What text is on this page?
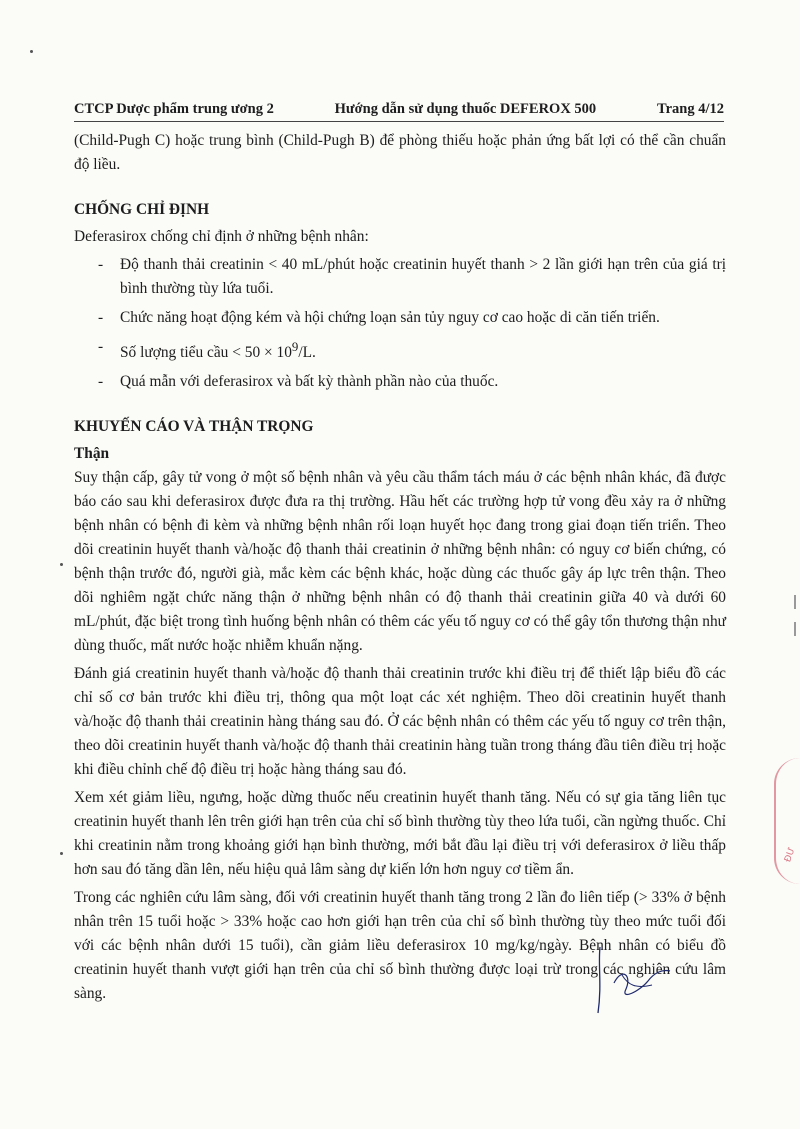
CTCP Dược phẩm trung ương 2	Hướng dẫn sử dụng thuốc DEFEROX 500	Trang 4/12

(Child-Pugh C) hoặc trung bình (Child-Pugh B) để phòng thiếu hoặc phản ứng bất lợi có thể cần chuẩn độ liều.

CHỐNG CHỈ ĐỊNH

Deferasirox chống chỉ định ở những bệnh nhân:

- Độ thanh thải creatinin < 40 mL/phút hoặc creatinin huyết thanh > 2 lần giới hạn trên của giá trị bình thường tùy lứa tuổi.
- Chức năng hoạt động kém và hội chứng loạn sản tủy nguy cơ cao hoặc di căn tiến triển.
- Số lượng tiểu cầu < $50 \times 10^9/L$.
- Quá mẫn với deferasirox và bất kỳ thành phần nào của thuốc.
KHUYẾN CÁO VÀ THẬN TRỌNG
Thận

Suy thận cấp, gây tử vong ở một số bệnh nhân và yêu cầu thẩm tách máu ở các bệnh nhân khác, đã được báo cáo sau khi deferasirox được đưa ra thị trường. Hầu hết các trường hợp tử vong đều xảy ra ở những bệnh nhân có bệnh đi kèm và những bệnh nhân rối loạn huyết học đang trong giai đoạn tiến triển. Theo dõi creatinin huyết thanh và/hoặc độ thanh thải creatinin ở những bệnh nhân: có nguy cơ biến chứng, có bệnh thận trước đó, người già, mắc kèm các bệnh khác, hoặc dùng các thuốc gây áp lực trên thận. Theo dõi nghiêm ngặt chức năng thận ở những bệnh nhân có độ thanh thải creatinin giữa 40 và dưới 60 mL/phút, đặc biệt trong tình huống bệnh nhân có thêm các yếu tố nguy cơ có thể gây tổn thương thận như dùng thuốc, mất nước hoặc nhiễm khuẩn nặng.

Đánh giá creatinin huyết thanh và/hoặc độ thanh thải creatinin trước khi điều trị để thiết lập biểu đồ các chỉ số cơ bản trước khi điều trị, thông qua một loạt các xét nghiệm. Theo dõi creatinin huyết thanh và/hoặc độ thanh thải creatinin hàng tháng sau đó. Ở các bệnh nhân có thêm các yếu tố nguy cơ trên thận, theo dõi creatinin huyết thanh và/hoặc độ thanh thải creatinin hàng tuần trong tháng đầu tiên điều trị hoặc khi điều chỉnh chế độ điều trị hoặc hàng tháng sau đó.

Xem xét giảm liều, ngưng, hoặc dừng thuốc nếu creatinin huyết thanh tăng. Nếu có sự gia tăng liên tục creatinin huyết thanh lên trên giới hạn trên của chỉ số bình thường tùy theo lứa tuổi, cần ngừng thuốc. Chỉ khi creatinin nằm trong khoảng giới hạn bình thường, mới bắt đầu lại điều trị với deferasirox ở liều thấp hơn sau đó tăng dần lên, nếu hiệu quả lâm sàng dự kiến lớn hơn nguy cơ tiềm ẩn.

Trong các nghiên cứu lâm sàng, đối với creatinin huyết thanh tăng trong 2 lần đo liên tiếp (> 33% ở bệnh nhân trên 15 tuổi hoặc > 33% hoặc cao hơn giới hạn trên của chỉ số bình thường tùy theo mức tuổi đối với các bệnh nhân dưới 15 tuổi), cần giảm liều deferasirox 10 mg/kg/ngày. Bệnh nhân có biểu đồ creatinin huyết thanh vượt giới hạn trên của chỉ số bình thường được loại trừ trong các nghiên cứu lâm sàng.

ĐƯ
